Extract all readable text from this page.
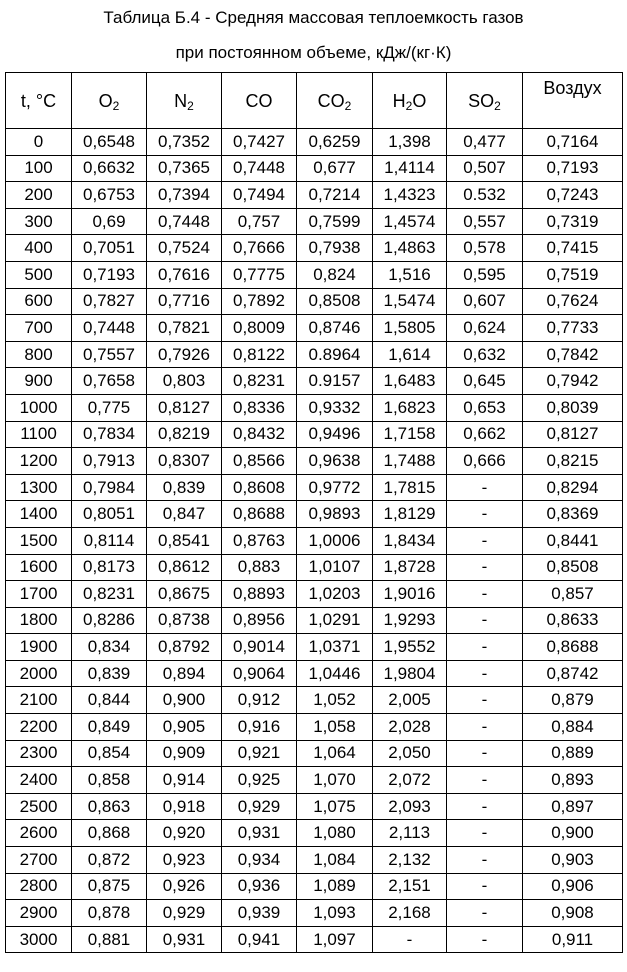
Таблица Б.4 - Средняя массовая теплоемкость газов
при постоянном объеме, кДж/(кг·К)
t, °C	$O_2$	$N_2$	CO	$CO_2$	$H_2O$	$SO_2$	Воздух
0	0,6548	0,7352	0,7427	0,6259	1,398	0,477	0,7164
100	0,6632	0,7365	0,7448	0,677	1,4114	0,507	0,7193
200	0,6753	0,7394	0,7494	0,7214	1,4323	0.532	0,7243
300	0,69	0,7448	0,757	0,7599	1,4574	0,557	0,7319
400	0,7051	0,7524	0,7666	0,7938	1,4863	0,578	0,7415
500	0,7193	0,7616	0,7775	0,824	1,516	0,595	0,7519
600	0,7827	0,7716	0,7892	0,8508	1,5474	0,607	0,7624
700	0,7448	0,7821	0,8009	0,8746	1,5805	0,624	0,7733
800	0,7557	0,7926	0,8122	0.8964	1,614	0,632	0,7842
900	0,7658	0,803	0,8231	0.9157	1,6483	0,645	0,7942
1000	0,775	0,8127	0,8336	0,9332	1,6823	0,653	0,8039
1100	0,7834	0,8219	0,8432	0,9496	1,7158	0,662	0,8127
1200	0,7913	0,8307	0,8566	0,9638	1,7488	0,666	0,8215
1300	0,7984	0,839	0,8608	0,9772	1,7815	-	0,8294
1400	0,8051	0,847	0,8688	0,9893	1,8129	-	0,8369
1500	0,8114	0,8541	0,8763	1,0006	1,8434	-	0,8441
1600	0,8173	0,8612	0,883	1,0107	1,8728	-	0,8508
1700	0,8231	0,8675	0,8893	1,0203	1,9016	-	0,857
1800	0,8286	0,8738	0,8956	1,0291	1,9293	-	0,8633
1900	0,834	0,8792	0,9014	1,0371	1,9552	-	0,8688
2000	0,839	0,894	0,9064	1,0446	1,9804	-	0,8742
2100	0,844	0,900	0,912	1,052	2,005	-	0,879
2200	0,849	0,905	0,916	1,058	2,028	-	0,884
2300	0,854	0,909	0,921	1,064	2,050	-	0,889
2400	0,858	0,914	0,925	1,070	2,072	-	0,893
2500	0,863	0,918	0,929	1,075	2,093	-	0,897
2600	0,868	0,920	0,931	1,080	2,113	-	0,900
2700	0,872	0,923	0,934	1,084	2,132	-	0,903
2800	0,875	0,926	0,936	1,089	2,151	-	0,906
2900	0,878	0,929	0,939	1,093	2,168	-	0,908
3000	0,881	0,931	0,941	1,097	-	-	0,911
